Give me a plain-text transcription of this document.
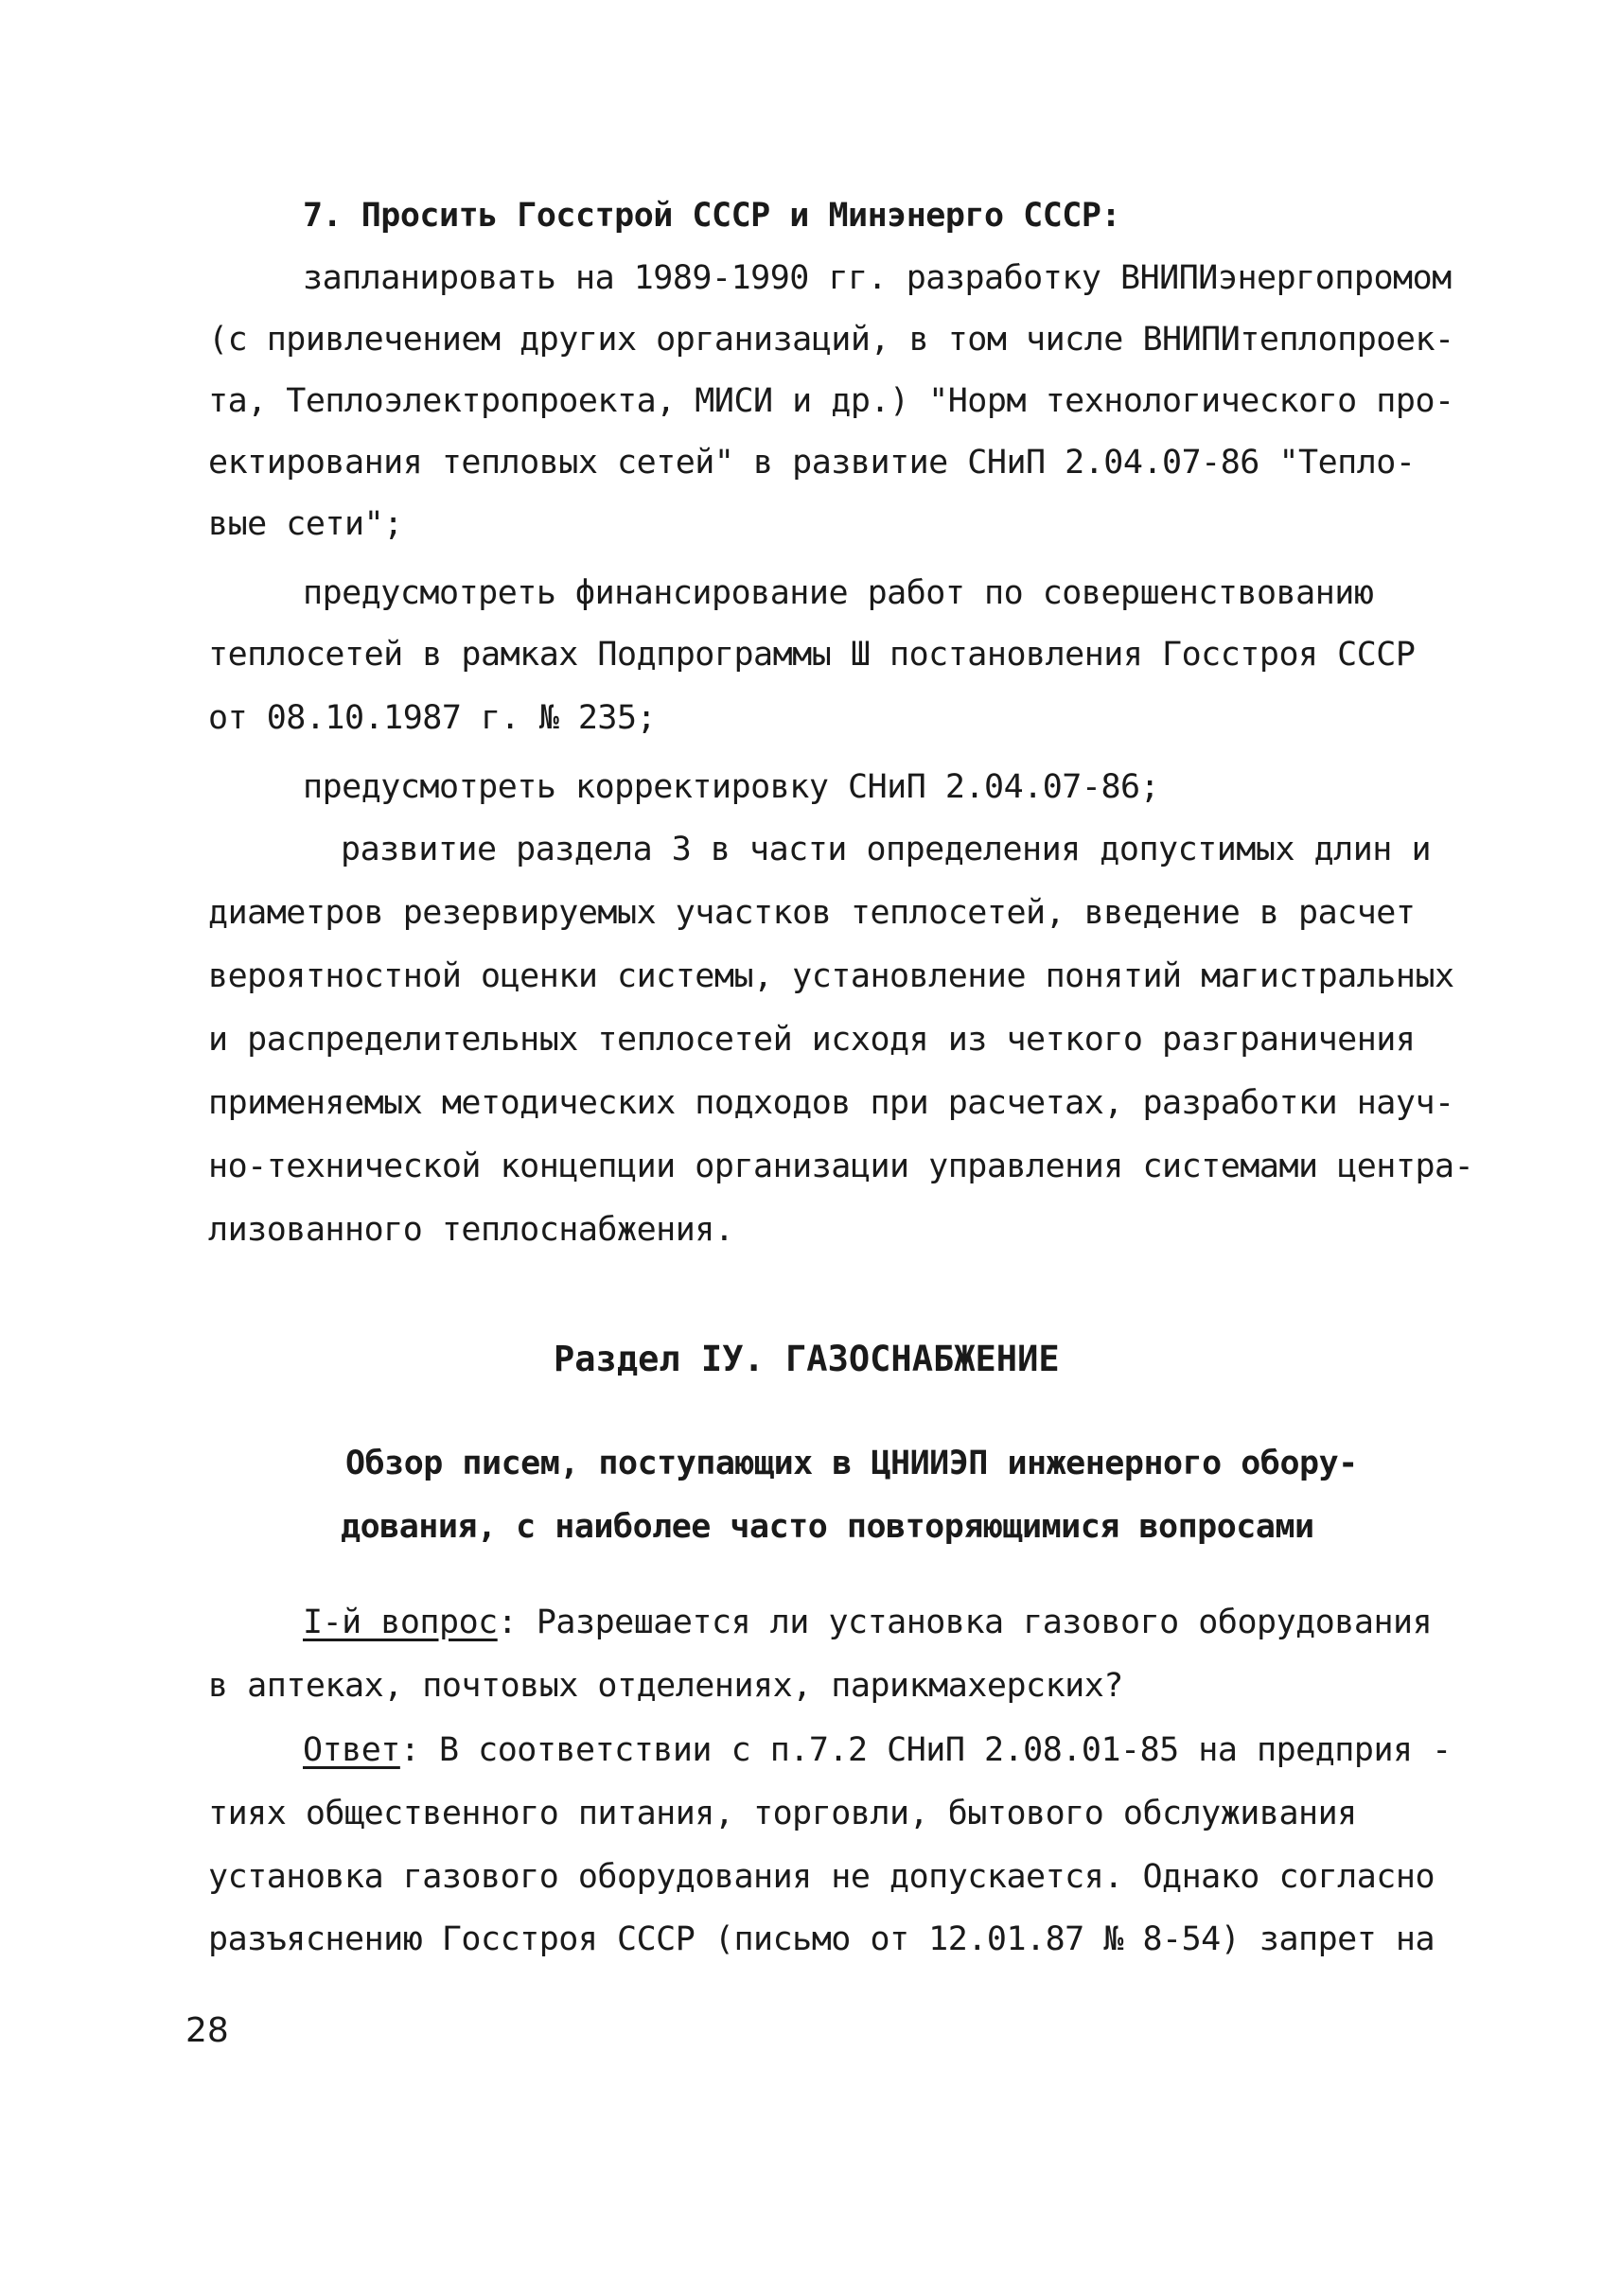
7. Просить Госстрой СССР и Минэнерго СССР:
запланировать на 1989-1990 гг. разработку ВНИПИэнергопромом
(с привлечением других организаций, в том числе ВНИПИтеплопроек-
та, Теплоэлектропроекта, МИСИ и др.) "Норм технологического про-
ектирования тепловых сетей" в развитие СНиП 2.04.07-86 "Тепло-
вые сети";
предусмотреть финансирование работ по совершенствованию
теплосетей в рамках Подпрограммы Ш постановления Госстроя СССР
от 08.10.1987 г. № 235;
предусмотреть корректировку СНиП 2.04.07-86;
развитие раздела 3 в части определения допустимых длин и
диаметров резервируемых участков теплосетей, введение в расчет
вероятностной оценки системы, установление понятий магистральных
и распределительных теплосетей исходя из четкого разграничения
применяемых методических подходов при расчетах, разработки науч-
но-технической концепции организации управления системами центра-
лизованного теплоснабжения.
Раздел IУ. ГАЗОСНАБЖЕНИЕ
Обзор писем, поступающих в ЦНИИЭП инженерного обору-
дования, с наиболее часто повторяющимися вопросами
I-й вопрос: Разрешается ли установка газового оборудования
в аптеках, почтовых отделениях, парикмахерских?
Ответ: В соответствии с п.7.2 СНиП 2.08.01-85 на предприя -
тиях общественного питания, торговли, бытового обслуживания
установка газового оборудования не допускается. Однако согласно
разъяснению Госстроя СССР (письмо от 12.01.87 № 8-54) запрет на
28
